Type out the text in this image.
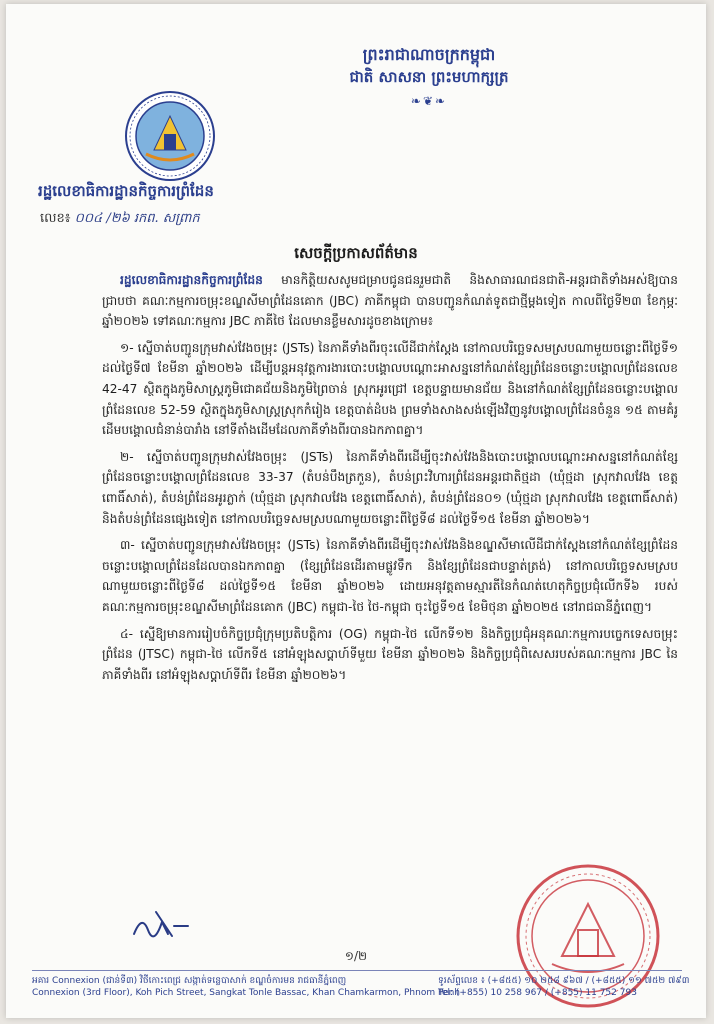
ព្រះរាជាណាចក្រកម្ពុជា
ជាតិ សាសនា ព្រះមហាក្សត្រ
❧❦❧
រដ្ឋលេខាធិការដ្ឋានកិច្ចការព្រំដែន
លេខ៖ ០០៤ /២៦ រកព. សព្រាក
សេចក្តីប្រកាសព័ត៌មាន

រដ្ឋលេខាធិការដ្ឋានកិច្ចការព្រំដែន មានកិត្តិយសសូមជម្រាបជូនជនរួមជាតិ និងសាធារណជនជាតិ-អន្តរជាតិទាំងអស់ឱ្យបានជ្រាបថា គណៈកម្មការចម្រុះខណ្ឌសីមាព្រំដែនគោក (JBC) ភាគីកម្ពុជា បានបញ្ជូនកំណត់ទូតជាថ្មីម្តងទៀត កាលពីថ្ងៃទី២៣ ខែកុម្ភៈ ឆ្នាំ២០២៦ ទៅគណៈកម្មការ JBC ភាគីថៃ ដែលមានខ្លឹមសារដូចខាងក្រោម៖

១- ស្នើចាត់បញ្ជូនក្រុមវាស់វែងចម្រុះ (JSTs) នៃភាគីទាំងពីរចុះលើដីជាក់ស្តែង នៅកាលបរិច្ឆេទសមស្របណាមួយចន្លោះពីថ្ងៃទី១ ដល់ថ្ងៃទី៧ ខែមីនា ឆ្នាំ២០២៦ ដើម្បីបន្តអនុវត្តការងារបោះបង្គោលបណ្តោះអាសន្ននៅកំណត់ខ្សែព្រំដែនចន្លោះបង្គោលព្រំដែនលេខ 42-47 ស្ថិតក្នុងភូមិសាស្ត្រភូមិជោគជ័យនិងភូមិព្រៃចាន់ ស្រុកអូរជ្រៅ ខេត្តបន្ទាយមានជ័យ និងនៅកំណត់ខ្សែព្រំដែនចន្លោះបង្គោលព្រំដែនលេខ 52-59 ស្ថិតក្នុងភូមិសាស្ត្រស្រុកកំរៀង ខេត្តបាត់ដំបង ព្រមទាំងសាងសង់ឡើងវិញនូវបង្គោលព្រំដែនចំនួន ១៥ តាមគំរូដើមបង្គោលជំនាន់បារាំង នៅទីតាំងដើមដែលភាគីទាំងពីរបានឯកភាពគ្នា។

២- ស្នើចាត់បញ្ជូនក្រុមវាស់វែងចម្រុះ (JSTs) នៃភាគីទាំងពីរដើម្បីចុះវាស់វែងនិងបោះបង្គោលបណ្តោះអាសន្ននៅកំណត់ខ្សែព្រំដែនចន្លោះបង្គោលព្រំដែនលេខ 33-37 (តំបន់បឹងត្រកួន), តំបន់ព្រះវិហារព្រំដែនអន្តរជាតិថ្មដា (ឃុំថ្មដា ស្រុកវាលវែង ខេត្តពោធិ៍សាត់), តំបន់ព្រំដែនអូរភ្លាក់ (ឃុំថ្មដា ស្រុកវាលវែង ខេត្តពោធិ៍សាត់), តំបន់ព្រំដែន០១ (ឃុំថ្មដា ស្រុកវាលវែង ខេត្តពោធិ៍សាត់) និងតំបន់ព្រំដែនផ្សេងទៀត នៅកាលបរិច្ឆេទសមស្របណាមួយចន្លោះពីថ្ងៃទី៨ ដល់ថ្ងៃទី១៥ ខែមីនា ឆ្នាំ២០២៦។

៣- ស្នើចាត់បញ្ជូនក្រុមវាស់វែងចម្រុះ (JSTs) នៃភាគីទាំងពីរដើម្បីចុះវាស់វែងនិងខណ្ឌសីមាលើដីជាក់ស្តែងនៅកំណត់ខ្សែព្រំដែនចន្លោះបង្គោលព្រំដែនដែលបានឯកភាពគ្នា (ខ្សែព្រំដែនដើរតាមផ្លូវទឹក និងខ្សែព្រំដែនជាបន្ទាត់ត្រង់) នៅកាលបរិច្ឆេទសមស្របណាមួយចន្លោះពីថ្ងៃទី៨ ដល់ថ្ងៃទី១៥ ខែមីនា ឆ្នាំ២០២៦ ដោយអនុវត្តតាមស្មារតីនៃកំណត់ហេតុកិច្ចប្រជុំលើកទី៦ របស់គណៈកម្មការចម្រុះខណ្ឌសីមាព្រំដែនគោក (JBC) កម្ពុជា-ថៃ ថៃ-កម្ពុជា ចុះថ្ងៃទី១៥ ខែមិថុនា ឆ្នាំ២០២៥ នៅរាជធានីភ្នំពេញ។

៤- ស្នើឱ្យមានការរៀបចំកិច្ចប្រជុំក្រុមប្រតិបត្តិការ (OG) កម្ពុជា-ថៃ លើកទី១២ និងកិច្ចប្រជុំអនុគណៈកម្មការបច្ចេកទេសចម្រុះព្រំដែន (JTSC) កម្ពុជា-ថៃ លើកទី៥ នៅអំឡុងសប្តាហ៍ទីមួយ ខែមីនា ឆ្នាំ២០២៦ និងកិច្ចប្រជុំពិសេសរបស់គណៈកម្មការ JBC នៃភាគីទាំងពីរ នៅអំឡុងសប្តាហ៍ទីពីរ ខែមីនា ឆ្នាំ២០២៦។

១/២
អគារ Connexion (ជាន់ទី៣) វិថីកោះពេជ្រ សង្កាត់ទន្លេបាសាក់ ខណ្ឌចំការមន រាជធានីភ្នំពេញ
Connexion (3rd Floor), Koh Pich Street, Sangkat Tonle Bassac, Khan Chamkarmon, Phnom Penh
ទូរស័ព្ទលេខ ៖ (+៨៥៥) ១០ ២៥៨ ៩៦៧ / (+៨៥៥) ១១ ៧៥២ ៧៩៣
Tel: (+855) 10 258 967 / (+855) 11 752 793
